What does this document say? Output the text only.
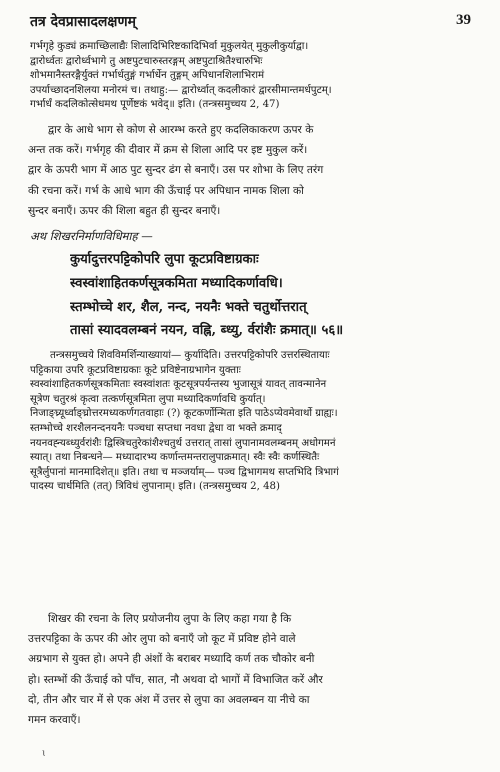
तत्र देवप्रासादलक्षणम्	39
गर्भगृहे कुड्यं क्रमाच्छिलाद्यैः शिलादिभिरिष्टकादिभिर्वा मुकुलयेत् मुकुलीकुर्याद्वा।
द्वारोर्ध्वतः द्वारोर्ध्वभागे तु अष्टपुटचारुस्तरङ्गम् अष्टपुटाश्रितैश्चारुभिः
शोभमानैस्तरङ्गैर्युक्तं गर्भार्धतुङ्गं गर्भार्धेन तुङ्गम् अपिधानशिलाभिरामं
उपर्याच्छादनशिलया मनोरमं च। तथाहु:— द्वारोर्ध्वात् कदलीकारं द्वारसीमान्तमर्धपुटम्।
गर्भार्धं कदलिकोत्सेधमथ पूर्णेष्टकं भवेद्॥ इति। (तन्त्रसमुच्चय 2, 47)
द्वार के आधे भाग से कोण से आरम्भ करते हुए कदलिकाकरण ऊपर के
अन्त तक करें। गर्भगृह की दीवार में क्रम से शिला आदि पर इष्ट मुकुल करें।
द्वार के ऊपरी भाग में आठ पुट सुन्दर ढंग से बनाएँ। उस पर शोभा के लिए तरंग
की रचना करें। गर्भ के आधे भाग की ऊँचाई पर अपिधान नामक शिला को
सुन्दर बनाएँ। ऊपर की शिला बहुत ही सुन्दर बनाएँ।
अथ शिखरनिर्माणविधिमाह —
कुर्यादुत्तरपट्टिकोपरि लुपा कूटप्रविष्टाग्रकाः
स्वस्वांशाहितकर्णसूत्रकमिता मध्यादिकर्णावधि।
स्तम्भोच्चे शर, शैल, नन्द, नयनैः भक्ते चतुर्थोत्तरात्
तासां स्यादवलम्बनं नयन, वह्नि, ब्ध्यु, र्वरांशैः क्रमात्॥ ५६॥
तन्त्रसमुच्चये शिवविमर्शिन्याख्यायां— कुर्यादिति। उत्तरपट्टिकोपरि उत्तरस्थितायाः
पट्टिकाया उपरि कूटप्रविष्टाग्रकाः कूटे प्रविष्टेनाग्रभागेन युक्ताः
स्वस्वांशाहितकर्णसूत्रकमिताः स्वस्वांशतः कूटसूत्रपर्यन्तस्य भुजासूत्रं यावत् तावन्मानेन
सूत्रेण चतुरश्रं कृत्वा तत्कर्णसूत्रमिता लुपा मध्यादिकर्णावधि कुर्यात्।
निजाङ्घ्र्यूर्ध्वाङ्घ्रोत्तरमध्यकर्णगतवाहाः (?) कूटकर्णोन्मिता इति पाठेऽप्येवमेवार्थो ग्राह्यः।
स्तम्भोच्चे शरशैलनन्दनयनैः पञ्चधा सप्तधा नवधा द्वेधा वा भक्ते क्रमाद्
नयनवह्न्यब्ध्युर्वरांशैः द्विस्त्रिचतुरेकांशैश्चतुर्थ उत्तरात् तासां लुपानामवलम्बनम् अधोगमनं
स्यात्। तथा निबन्धने— मध्यादारभ्य कर्णान्तमन्तरालुपाक्रमात्। स्वैः स्वैः कर्णस्थितैः
सूत्रैर्लुपानां मानमादिशेत्॥ इति। तथा च मञ्जर्याम्— पञ्च द्विभागमथ सप्तभिदि त्रिभागं
पादस्य चार्धमिति (तत्) त्रिविधं लुपानाम्। इति। (तन्त्रसमुच्चय 2, 48)
शिखर की रचना के लिए प्रयोजनीय लुपा के लिए कहा गया है कि
उत्तरपट्टिका के ऊपर की ओर लुपा को बनाएँ जो कूट में प्रविष्ट होने वाले
अग्रभाग से युक्त हो। अपने ही अंशों के बराबर मध्यादि कर्ण तक चौकोर बनी
हो। स्तम्भों की ऊँचाई को पाँच, सात, नौ अथवा दो भागों में विभाजित करें और
दो, तीन और चार में से एक अंश में उत्तर से लुपा का अवलम्बन या नीचे का
गमन करवाएँ।
ɩ
